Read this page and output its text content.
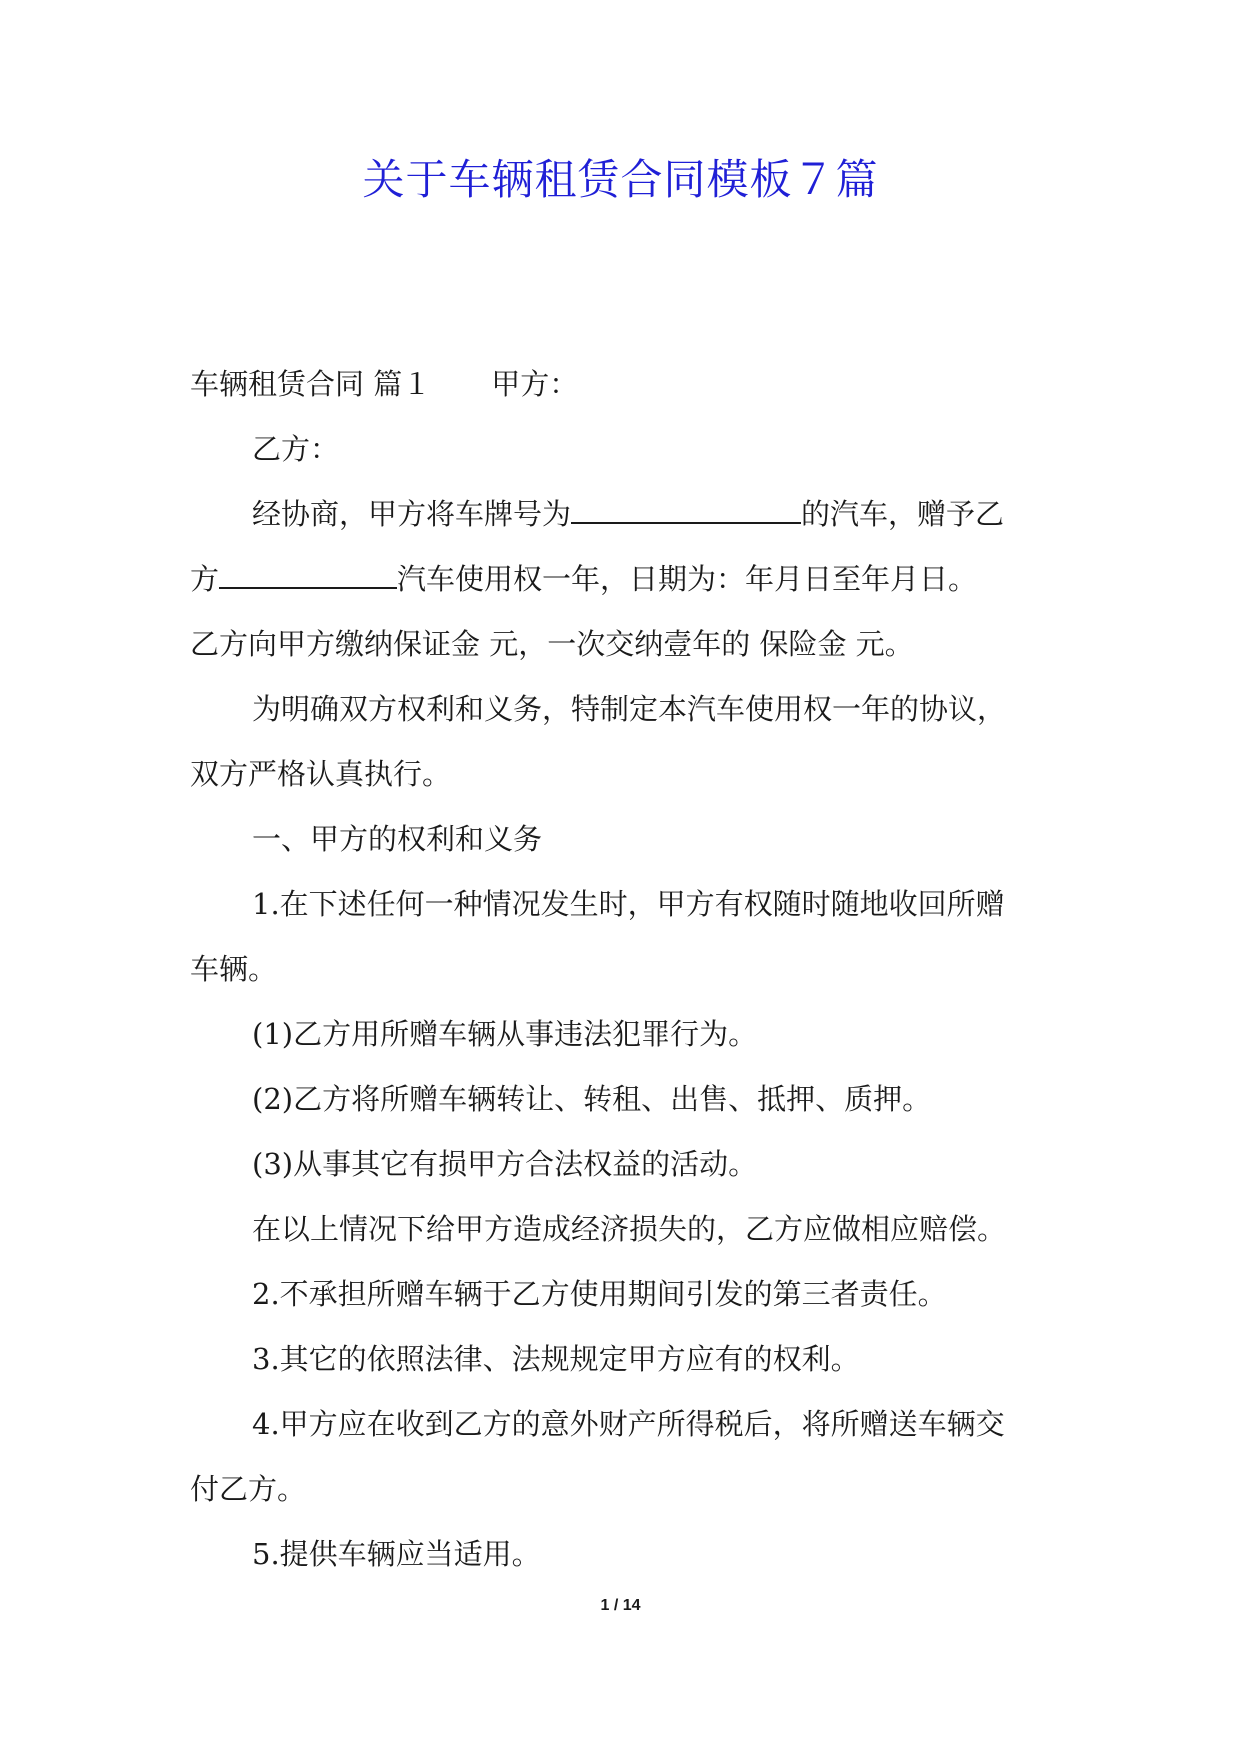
关于车辆租赁合同模板７篇
车辆租赁合同 篇１ 甲方：
乙方：
经协商，甲方将车牌号为	的汽车，赠予乙
方	汽车使用权一年，日期为：年月日至年月日。
乙方向甲方缴纳保证金 元，一次交纳壹年的 保险金 元。
为明确双方权利和义务，特制定本汽车使用权一年的协议，
双方严格认真执行。
一、甲方的权利和义务
1.在下述任何一种情况发生时，甲方有权随时随地收回所赠
车辆。
(1)乙方用所赠车辆从事违法犯罪行为。
(2)乙方将所赠车辆转让、转租、出售、抵押、质押。
(3)从事其它有损甲方合法权益的活动。
在以上情况下给甲方造成经济损失的，乙方应做相应赔偿。
2.不承担所赠车辆于乙方使用期间引发的第三者责任。
3.其它的依照法律、法规规定甲方应有的权利。
4.甲方应在收到乙方的意外财产所得税后，将所赠送车辆交
付乙方。
5.提供车辆应当适用。
1 / 14
